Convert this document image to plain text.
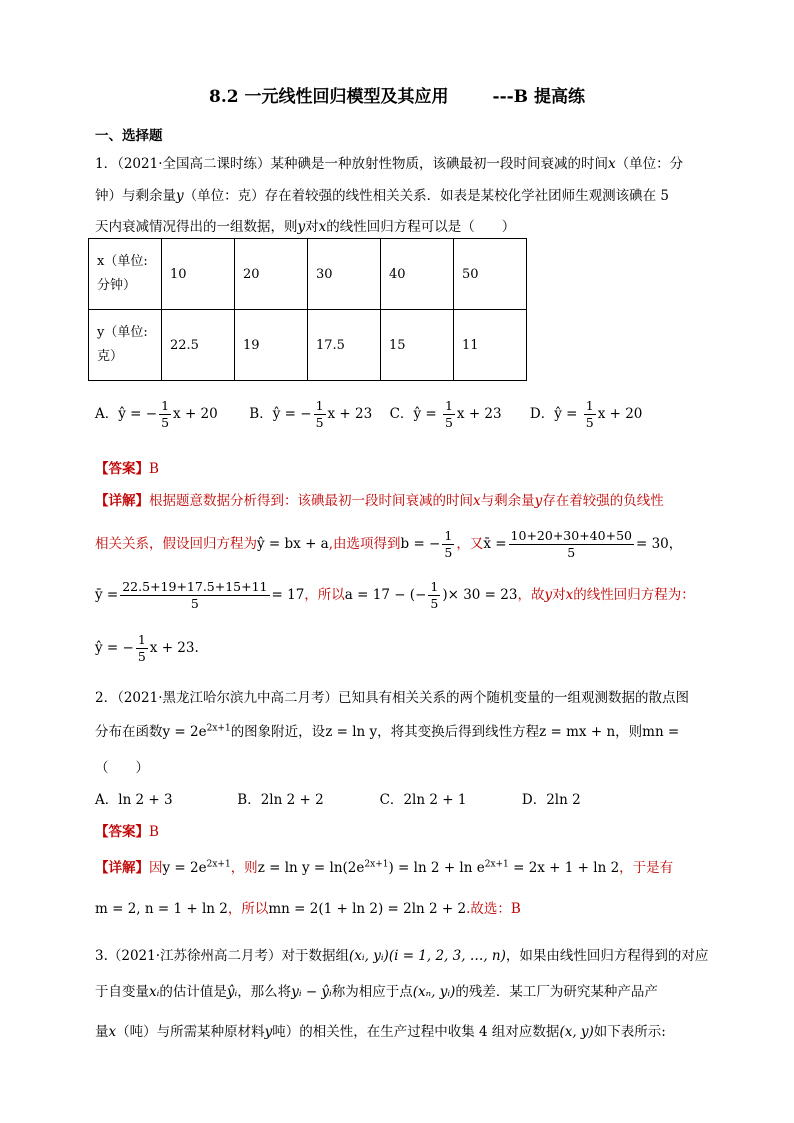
8.2 一元线性回归模型及其应用	---B 提高练
一、选择题
1．（2021·全国高二课时练）某种碘是一种放射性物质，该碘最初一段时间衰减的时间x（单位：分
钟）与剩余量y（单位：克）存在着较强的线性相关关系．如表是某校化学社团师生观测该碘在 5
天内衰减情况得出的一组数据，则y对x的线性回归方程可以是（　　）
x（单位:
分钟）	10	20	30	40	50
y（单位:
克）	22.5	19	17.5	15	11
A．ŷ = − $\frac{1}{5}$ x + 20 B．ŷ = − $\frac{1}{5}$ x + 23 C．ŷ = $\frac{1}{5}$ x + 23 D．ŷ = $\frac{1}{5}$ x + 20
【答案】B
【详解】根据题意数据分析得到：该碘最初一段时间衰减的时间x与剩余量y存在着较强的负线性
相关关系，假设回归方程为ŷ = bx + a,由选项得到b = − $\frac{1}{5}$ ，又x̄ = $\frac{10+20+30+40+50}{5} = 30$，
ȳ = $\frac{22.5+19+17.5+15+11}{5} = 17$，所以a = 17 − (− $\frac{1}{5}$ )× 30 = 23，故y对x的线性回归方程为：
ŷ = − $\frac{1}{5}$ x + 23.
2．（2021·黑龙江哈尔滨九中高二月考）已知具有相关关系的两个随机变量的一组观测数据的散点图
分布在函数$y = 2e^{2x+1}$的图象附近，设z = ln y，将其变换后得到线性方程z = mx + n，则mn =
（　　）
A．ln 2 + 3	B．2ln 2 + 2	C．2ln 2 + 1	D．2ln 2
【答案】B
【详解】因$y = 2e^{2x+1}$，则$z = \ln y = \ln(2e^{2x+1}) = \ln 2 + \ln e^{2x+1} = 2x + 1 + \ln 2$，于是有
m = 2, n = 1 + ln 2，所以mn = 2(1 + ln 2) = 2ln 2 + 2.故选：B
3.（2021·江苏徐州高二月考）对于数据组(xᵢ, yᵢ)(i = 1, 2, 3, …, n)，如果由线性回归方程得到的对应
于自变量xᵢ的估计值是ŷᵢ，那么将yᵢ − ŷᵢ称为相应于点(xₙ, yᵢ)的残差．某工厂为研究某种产品产
量x（吨）与所需某种原材料y吨）的相关性，在生产过程中收集 4 组对应数据(x, y)如下表所示:
